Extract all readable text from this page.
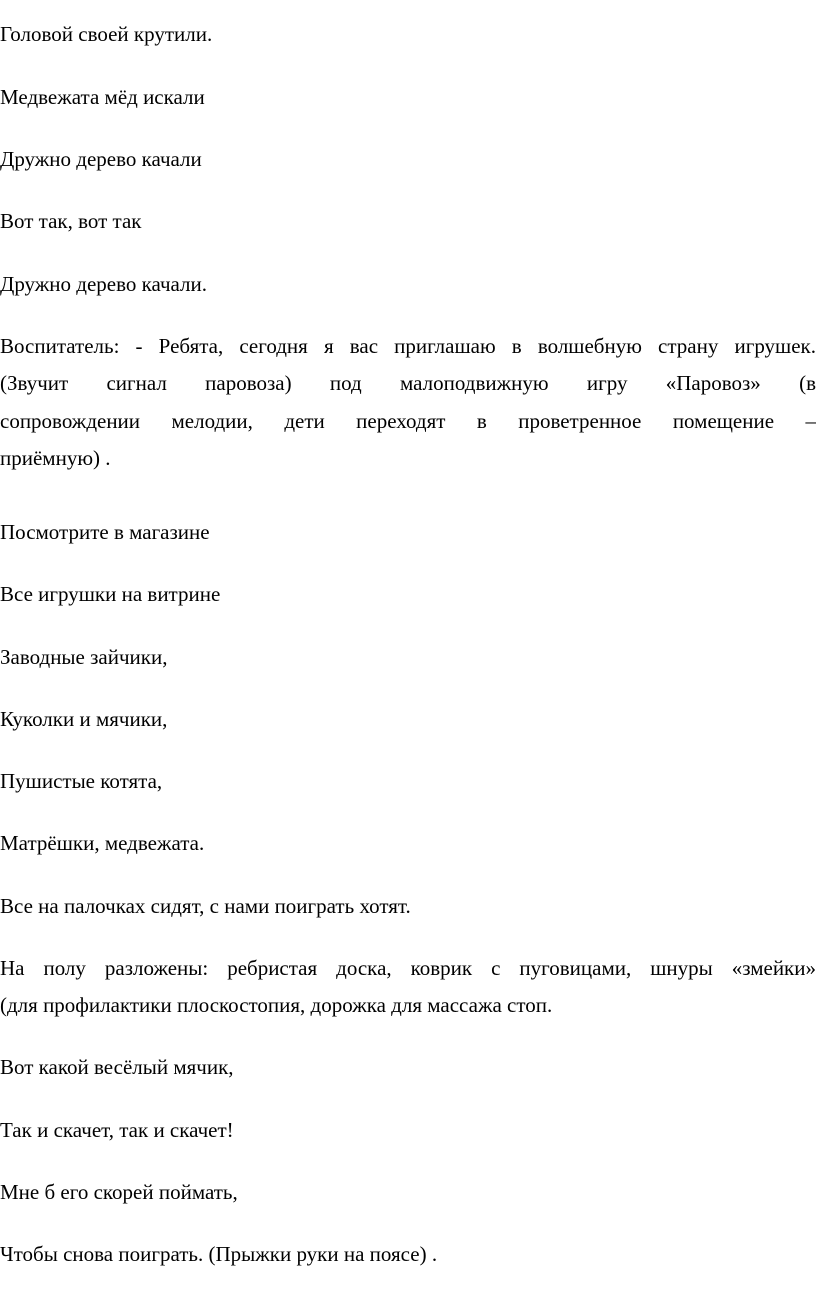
Головой своей крутили.

Медвежата мёд искали

Дружно дерево качали

Вот так, вот так

Дружно дерево качали.

Воспитатель: - Ребята, сегодня я вас приглашаю в волшебную страну игрушек.
(Звучит сигнал паровоза) под малоподвижную игру «Паровоз» (в
сопровождении мелодии, дети переходят в проветренное помещение –
приёмную) .

Посмотрите в магазине

Все игрушки на витрине

Заводные зайчики,

Куколки и мячики,

Пушистые котята,

Матрёшки, медвежата.

Все на палочках сидят, с нами поиграть хотят.

На полу разложены: ребристая доска, коврик с пуговицами, шнуры «змейки»
(для профилактики плоскостопия, дорожка для массажа стоп.

Вот какой весёлый мячик,

Так и скачет, так и скачет!

Мне б его скорей поймать,

Чтобы снова поиграть. (Прыжки руки на поясе) .
